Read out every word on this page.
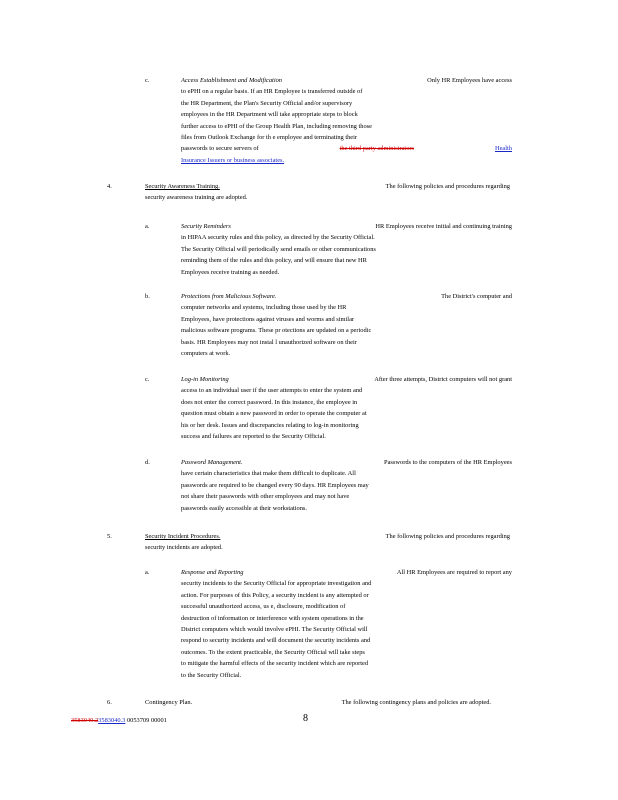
c.	Access Establishment and Modification	Only HR Employees have access

to ePHI on a regular basis. If an HR Employee is transferred outside of

the HR Department, the Plan's Security Official and/or supervisory

employees in the HR Department will take appropriate steps to block

further access to ePHI of the Group Health Plan, including removing those

files from Outlook Exchange for th e employee and terminating their

passwords to secure servers of	the third party administrators	Health

Insurance Issuers or business associates.

4.	Security Awareness Training.	The following policies and procedures regarding

security awareness training are adopted.

a.	Security Reminders	HR Employees receive initial and continuing training

in HIPAA security rules and this policy, as directed by the Security Official.

The Security Official will periodically send emails or other communications

reminding them of the rules and this policy, and will ensure that new HR

Employees receive training as needed.

b.	Protections from Malicious Software.	The District's computer and

computer networks and systems, including those used by the HR

Employees, have protections against viruses and worms and similar

malicious software programs. These pr otections are updated on a periodic

basis. HR Employees may not instal l unauthorized software on their

computers at work.

c.	Log-in Monitoring	After three attempts, District computers will not grant

access to an individual user if the user attempts to enter the system and

does not enter the correct password. In this instance, the employee in

question must obtain a new password in order to operate the computer at

his or her desk. Issues and discrepancies relating to log-in monitoring

success and failures are reported to the Security Official.

d.	Password Management.	Passwords to the computers of the HR Employees

have certain characteristics that make them difficult to duplicate. All

passwords are required to be changed every 90 days. HR Employees may

not share their passwords with other employees and may not have

passwords easily accessible at their workstations.

5.	Security Incident Procedures.	The following policies and procedures regarding

security incidents are adopted.

a.	Response and Reporting	All HR Employees are required to report any

security incidents to the Security Official for appropriate investigation and

action. For purposes of this Policy, a security incident is any attempted or

successful unauthorized access, us e, disclosure, modification of

destruction of information or interference with system operations in the

District computers which would involve ePHI. The Security Official will

respond to security incidents and will document the security incidents and

outcomes. To the extent practicable, the Security Official will take steps

to mitigate the harmful effects of the security incident which are reported

to the Security Official.

6.	Contingency Plan.	The following contingency plans and policies are adopted.

3583040.23583040.3 0053709 00001	8
